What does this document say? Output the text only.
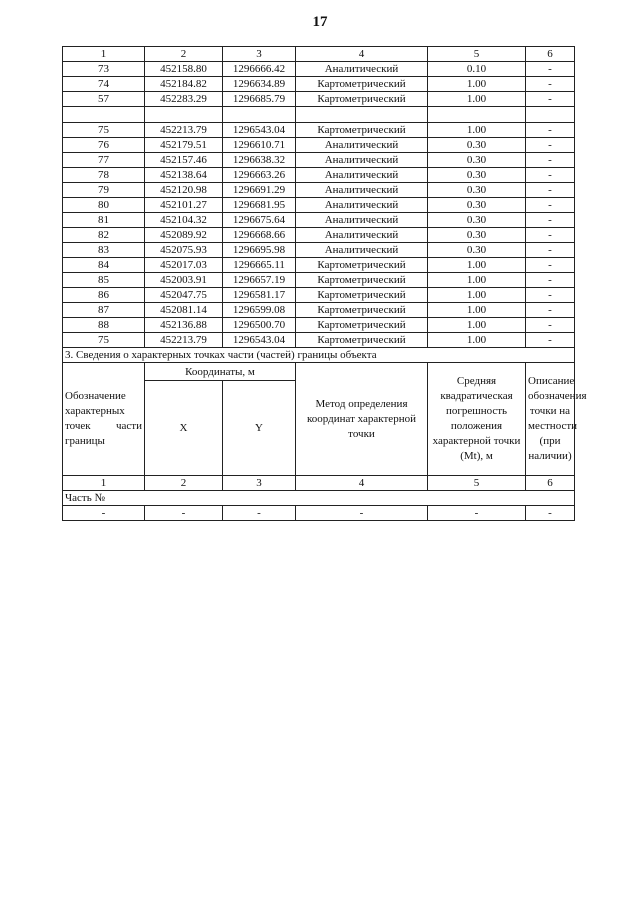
17
1	2	3	4	5	6
73	452158.80	1296666.42	Аналитический	0.10	-
74	452184.82	1296634.89	Картометрический	1.00	-
57	452283.29	1296685.79	Картометрический	1.00	-

75	452213.79	1296543.04	Картометрический	1.00	-
76	452179.51	1296610.71	Аналитический	0.30	-
77	452157.46	1296638.32	Аналитический	0.30	-
78	452138.64	1296663.26	Аналитический	0.30	-
79	452120.98	1296691.29	Аналитический	0.30	-
80	452101.27	1296681.95	Аналитический	0.30	-
81	452104.32	1296675.64	Аналитический	0.30	-
82	452089.92	1296668.66	Аналитический	0.30	-
83	452075.93	1296695.98	Аналитический	0.30	-
84	452017.03	1296665.11	Картометрический	1.00	-
85	452003.91	1296657.19	Картометрический	1.00	-
86	452047.75	1296581.17	Картометрический	1.00	-
87	452081.14	1296599.08	Картометрический	1.00	-
88	452136.88	1296500.70	Картометрический	1.00	-
75	452213.79	1296543.04	Картометрический	1.00	-
3. Сведения о характерных точках части (частей) границы объекта					
Обозначение характерных точек части границы	Координаты, м		Метод определения координат характерной точки	Средняя квадратическая погрешность положения характерной точки (Mt), м	Описание обозначения точки на местности (при наличии)
	X	Y			
1	2	3	4	5	6
Часть №					
-	-	-	-	-	-
